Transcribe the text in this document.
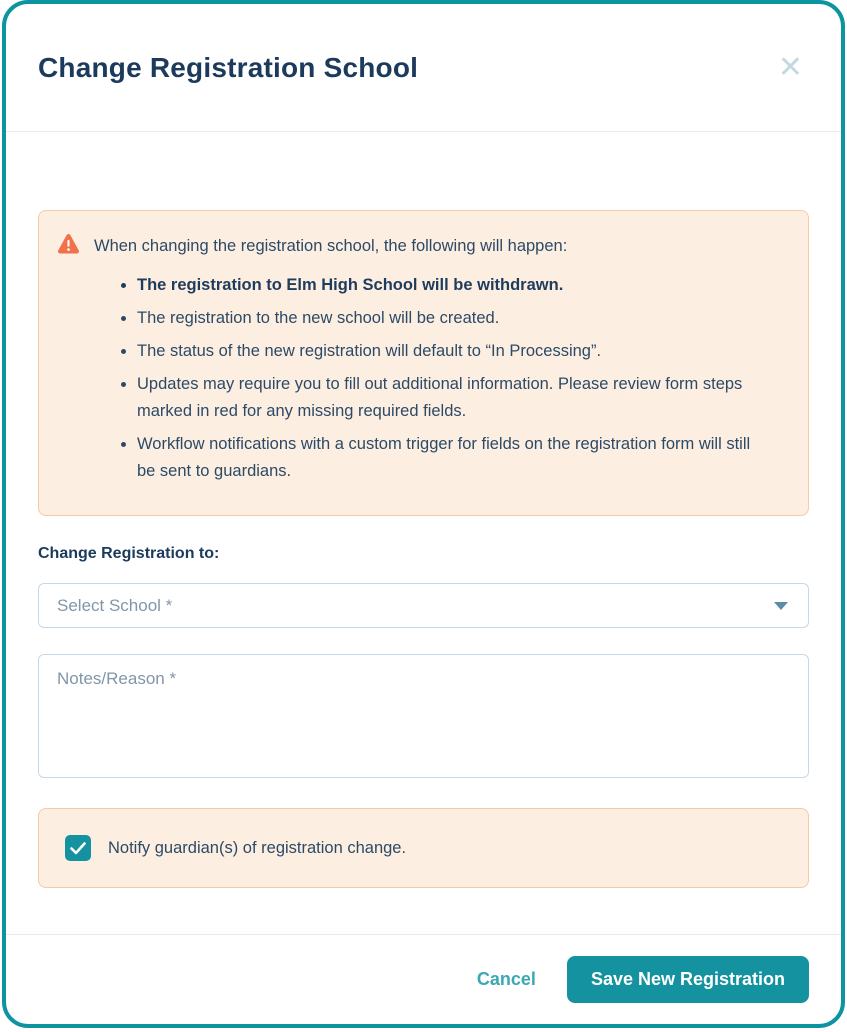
Change Registration School	✕
When changing the registration school, the following will happen:
• The registration to Elm High School will be withdrawn.
• The registration to the new school will be created.
• The status of the new registration will default to “In Processing”.
• Updates may require you to fill out additional information. Please review form steps marked in red for any missing required fields.
• Workflow notifications with a custom trigger for fields on the registration form will still be sent to guardians.
Change Registration to:
Select School *
Notes/Reason *
Notify guardian(s) of registration change.
Cancel	Save New Registration
